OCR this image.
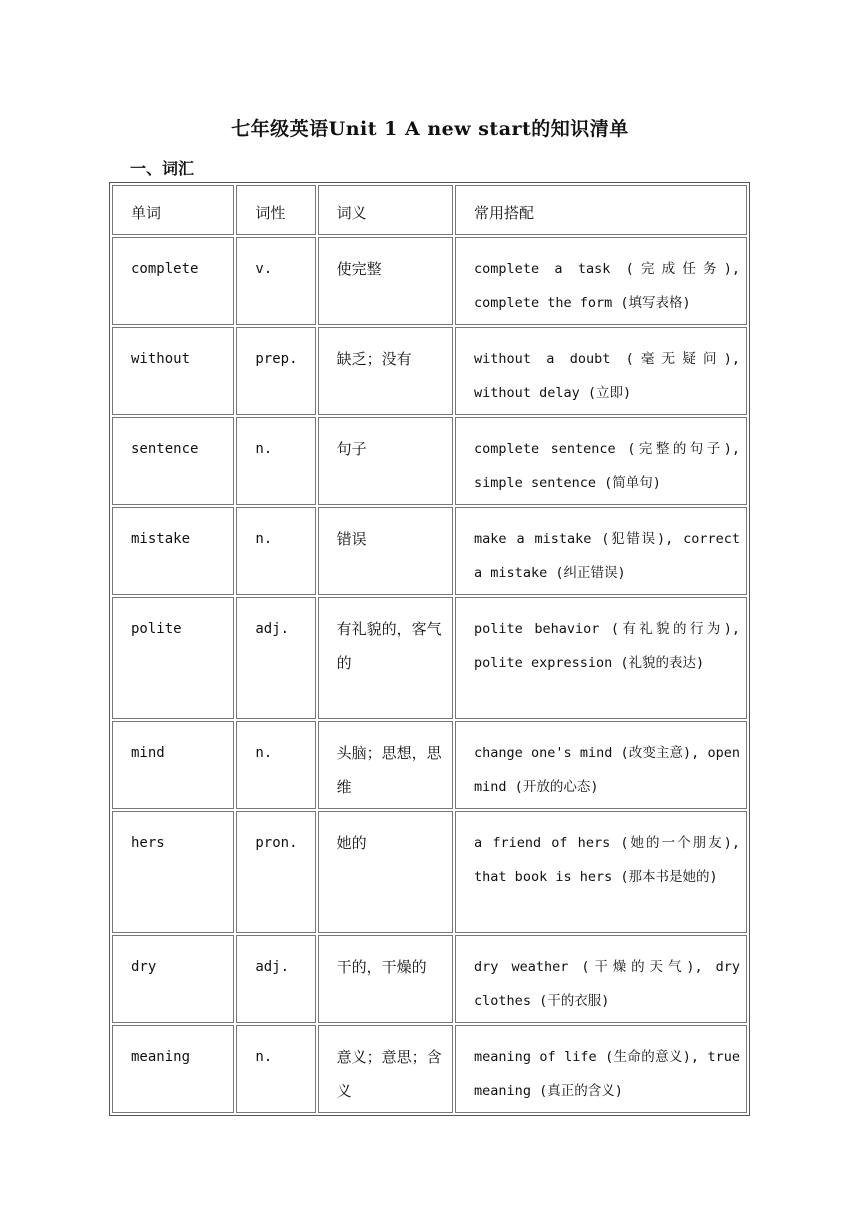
七年级英语Unit 1 A new start的知识清单
一、词汇
单词	词性	词义	常用搭配
complete	v.	使完整	complete a task (完成任务), complete the form (填写表格)
without	prep.	缺乏；没有	without a doubt (毫无疑问), without delay (立即)
sentence	n.	句子	complete sentence (完整的句子), simple sentence (简单句)
mistake	n.	错误	make a mistake (犯错误), correct a mistake (纠正错误)
polite	adj.	有礼貌的，客气的	polite behavior (有礼貌的行为), polite expression (礼貌的表达)
mind	n.	头脑；思想，思维	change one's mind (改变主意), open mind (开放的心态)
hers	pron.	她的	a friend of hers (她的一个朋友), that book is hers (那本书是她的)
dry	adj.	干的，干燥的	dry weather (干燥的天气), dry clothes (干的衣服)
meaning	n.	意义；意思；含义	meaning of life (生命的意义), true meaning (真正的含义)
